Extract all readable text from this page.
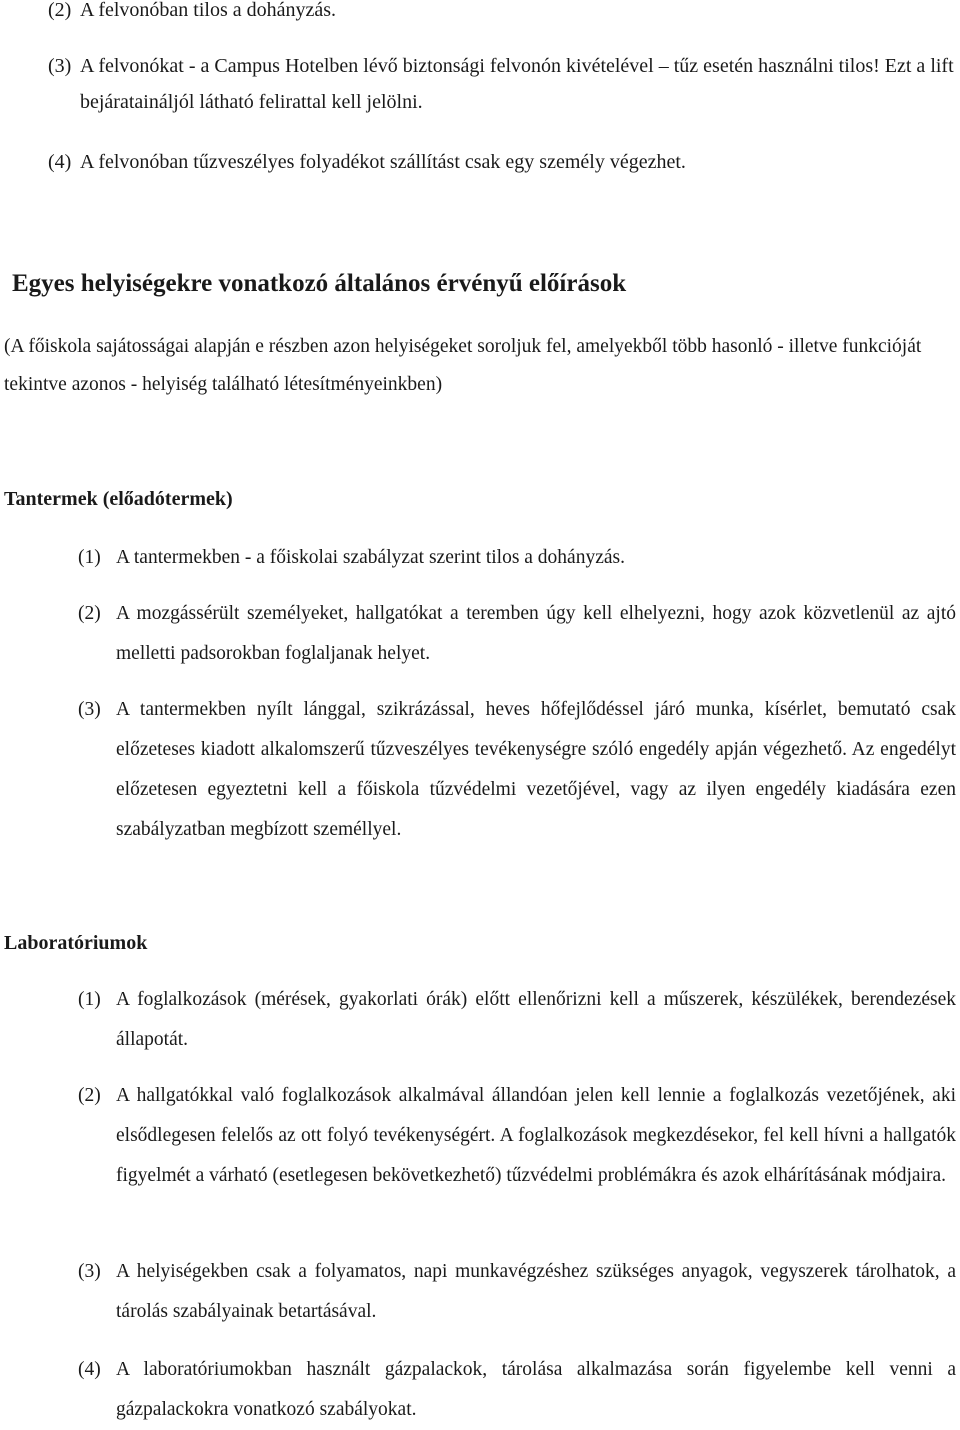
(2) A felvonóban tilos a dohányzás.
(3) A felvonókat - a Campus Hotelben lévő biztonsági felvonón kivételével – tűz esetén használni tilos! Ezt a lift bejárataináljól látható felirattal kell jelölni.
(4) A felvonóban tűzveszélyes folyadékot szállítást csak egy személy végezhet.
Egyes helyiségekre vonatkozó általános érvényű előírások

(A főiskola sajátosságai alapján e részben azon helyiségeket soroljuk fel, amelyekből több hasonló - illetve funkcióját tekintve azonos - helyiség található létesítményeinkben)

Tantermek (előadótermek)
(1) A tantermekben - a főiskolai szabályzat szerint tilos a dohányzás.
(2) A mozgássérült személyeket, hallgatókat a teremben úgy kell elhelyezni, hogy azok közvetlenül az ajtó melletti padsorokban foglaljanak helyet.
(3) A tantermekben nyílt lánggal, szikrázással, heves hőfejlődéssel járó munka, kísérlet, bemutató csak előzeteses kiadott alkalomszerű tűzveszélyes tevékenységre szóló engedély apján végezhető. Az engedélyt előzetesen egyeztetni kell a főiskola tűzvédelmi vezetőjével, vagy az ilyen engedély kiadására ezen szabályzatban megbízott személlyel.
Laboratóriumok
(1) A foglalkozások (mérések, gyakorlati órák) előtt ellenőrizni kell a műszerek, készülékek, berendezések állapotát.
(2) A hallgatókkal való foglalkozások alkalmával állandóan jelen kell lennie a foglalkozás vezetőjének, aki elsődlegesen felelős az ott folyó tevékenységért. A foglalkozások megkezdésekor, fel kell hívni a hallgatók figyelmét a várható (esetlegesen bekövetkezhető) tűzvédelmi problémákra és azok elhárításának módjaira.
(3) A helyiségekben csak a folyamatos, napi munkavégzéshez szükséges anyagok, vegyszerek tárolhatok, a tárolás szabályainak betartásával.
(4) A laboratóriumokban használt gázpalackok, tárolása alkalmazása során figyelembe kell venni a gázpalackokra vonatkozó szabályokat.
